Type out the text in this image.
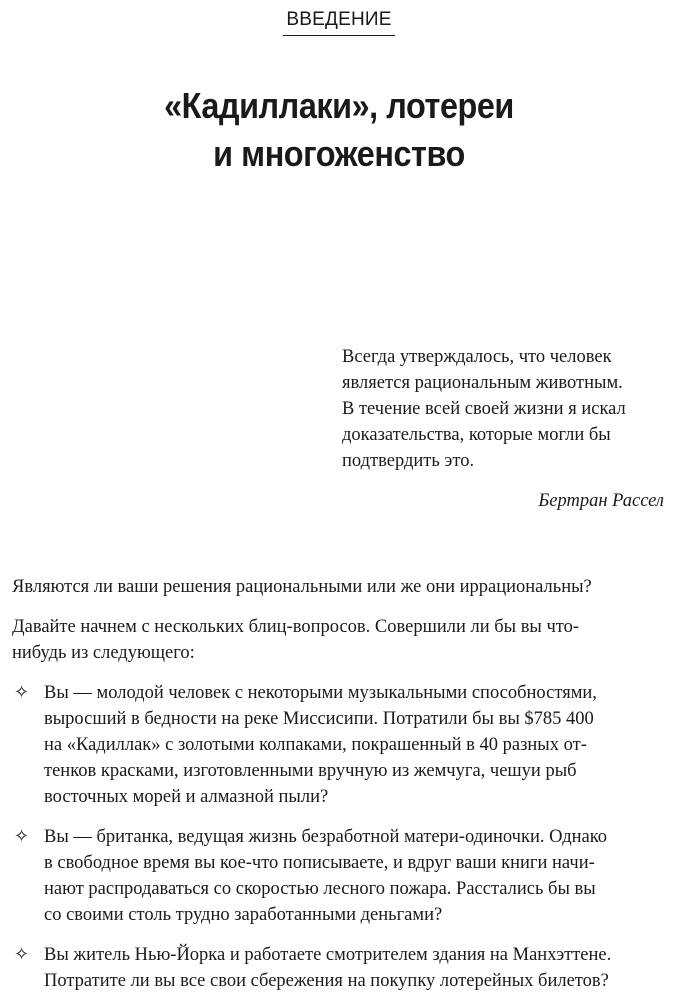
ВВЕДЕНИЕ
«Кадиллаки», лотереи
и многоженство
Всегда утверждалось, что человек
является рациональным животным.
В течение всей своей жизни я искал
доказательства, которые могли бы
подтвердить это.
Бертран Рассел
Являются ли ваши решения рациональными или же они иррациональны?
Давайте начнем с нескольких блиц-вопросов. Совершили ли бы вы что-
нибудь из следующего:
✧ Вы — молодой человек с некоторыми музыкальными способностями,
выросший в бедности на реке Миссисипи. Потратили бы вы $785 400
на «Кадиллак» с золотыми колпаками, покрашенный в 40 разных от-
тенков красками, изготовленными вручную из жемчуга, чешуи рыб
восточных морей и алмазной пыли?
✧ Вы — британка, ведущая жизнь безработной матери-одиночки. Однако
в свободное время вы кое-что пописываете, и вдруг ваши книги начи-
нают распродаваться со скоростью лесного пожара. Расстались бы вы
со своими столь трудно заработанными деньгами?
✧ Вы житель Нью-Йорка и работаете смотрителем здания на Манхэттене.
Потратите ли вы все свои сбережения на покупку лотерейных билетов?
